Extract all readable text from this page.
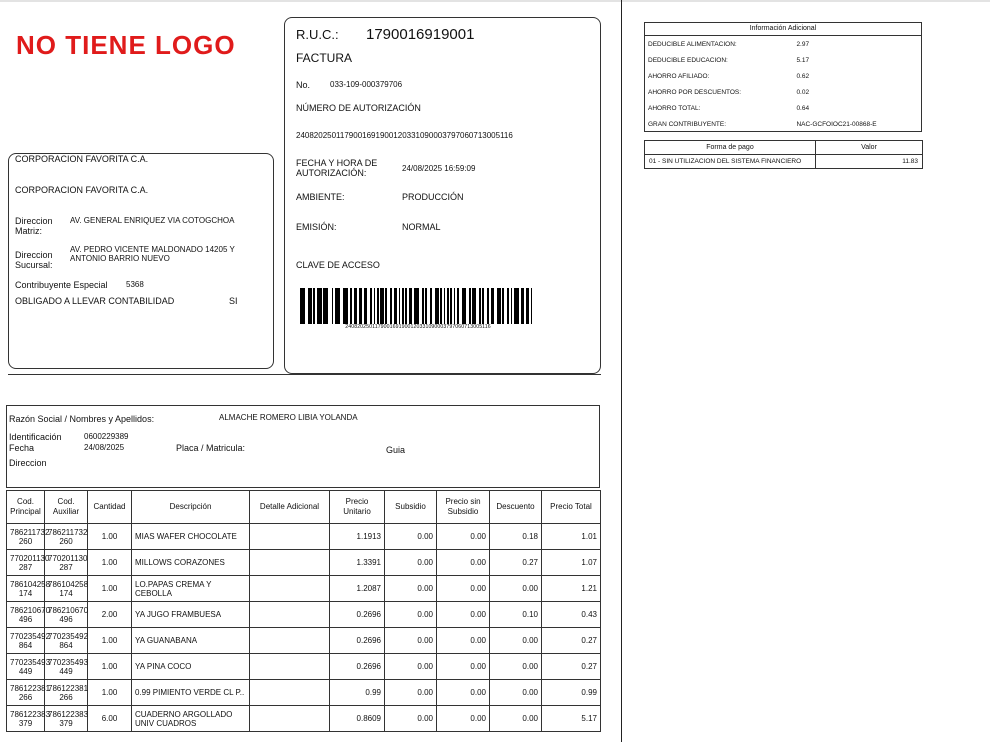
NO TIENE LOGO
CORPORACION FAVORITA C.A.
CORPORACION FAVORITA C.A.
Direccion Matriz:
AV. GENERAL ENRIQUEZ VIA COTOGCHOA
Direccion Sucursal:
AV. PEDRO VICENTE MALDONADO 14205 Y ANTONIO BARRIO NUEVO
Contribuyente Especial 5368
OBLIGADO A LLEVAR CONTABILIDAD	SI
R.U.C.: 1790016919001
FACTURA
No. 033-109-000379706
NÚMERO DE AUTORIZACIÓN
2408202501179001691900120331090003797060713005116
FECHA Y HORA DE AUTORIZACIÓN:	24/08/2025 16:59:09
AMBIENTE:	PRODUCCIÓN
EMISIÓN:	NORMAL
CLAVE DE ACCESO
2408202501179001691900120331090003797060713005116
Razón Social / Nombres y Apellidos:	ALMACHE ROMERO LIBIA YOLANDA
Identificación	0600229389
Fecha	24/08/2025	Placa / Matricula:	Guia
Direccion
Cod. Principal	Cod. Auxiliar	Cantidad	Descripción	Detalle Adicional	Precio Unitario	Subsidio	Precio sin Subsidio	Descuento	Precio Total
786211732 260	786211732 260	1.00	MIAS WAFER CHOCOLATE		1.1913	0.00	0.00	0.18	1.01
770201130 287	770201130 287	1.00	MILLOWS CORAZONES		1.3391	0.00	0.00	0.27	1.07
786104258 174	786104258 174	1.00	LO.PAPAS CREMA Y CEBOLLA		1.2087	0.00	0.00	0.00	1.21
786210670 496	786210670 496	2.00	YA JUGO FRAMBUESA		0.2696	0.00	0.00	0.10	0.43
770235492 864	770235492 864	1.00	YA GUANABANA		0.2696	0.00	0.00	0.00	0.27
770235493 449	770235493 449	1.00	YA PINA COCO		0.2696	0.00	0.00	0.00	0.27
786122381 266	786122381 266	1.00	0.99 PIMIENTO VERDE CL P..		0.99	0.00	0.00	0.00	0.99
786122383 379	786122383 379	6.00	CUADERNO ARGOLLADO UNIV CUADROS		0.8609	0.00	0.00	0.00	5.17
Información Adicional	
DEDUCIBLE ALIMENTACION:	2.97
DEDUCIBLE EDUCACION:	5.17
AHORRO AFILIADO:	0.62
AHORRO POR DESCUENTOS:	0.02
AHORRO TOTAL:	0.64
GRAN CONTRIBUYENTE:	NAC-GCFOIOC21-00868-E
Forma de pago	Valor
01 - SIN UTILIZACION DEL SISTEMA FINANCIERO	11.83
